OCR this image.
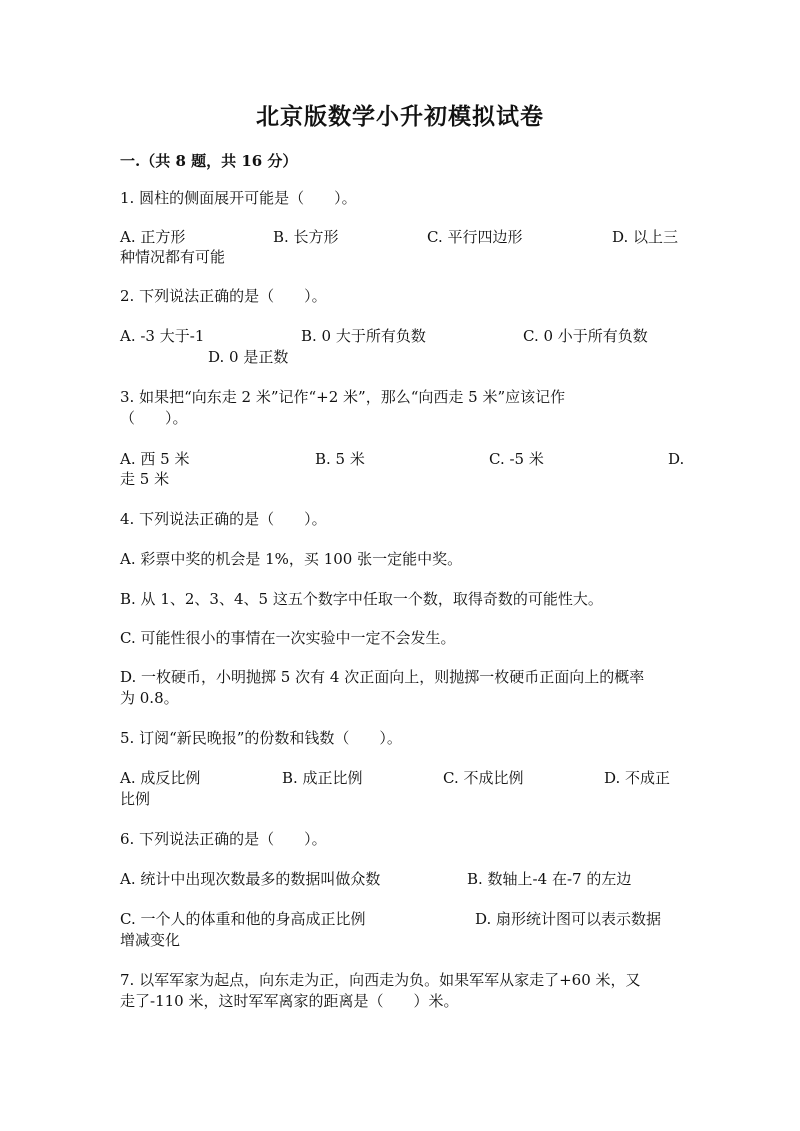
北京版数学小升初模拟试卷
一.（共 8 题，共 16 分）
1. 圆柱的侧面展开可能是（　　）。
A. 正方形	B. 长方形	C. 平行四边形	D. 以上三
种情况都有可能
2. 下列说法正确的是（　　）。
A. -3 大于-1	B. 0 大于所有负数	C. 0 小于所有负数
D. 0 是正数
3. 如果把“向东走 2 米”记作“+2 米”，那么“向西走 5 米”应该记作
（　　）。
A. 西 5 米	B. 5 米	C. -5 米	D.
走 5 米
4. 下列说法正确的是（　　）。
A. 彩票中奖的机会是 1%，买 100 张一定能中奖。
B. 从 1、2、3、4、5 这五个数字中任取一个数，取得奇数的可能性大。
C. 可能性很小的事情在一次实验中一定不会发生。
D. 一枚硬币，小明抛掷 5 次有 4 次正面向上，则抛掷一枚硬币正面向上的概率
为 0.8。
5. 订阅“新民晚报”的份数和钱数（　　）。
A. 成反比例	B. 成正比例	C. 不成比例	D. 不成正
比例
6. 下列说法正确的是（　　）。
A. 统计中出现次数最多的数据叫做众数	B. 数轴上-4 在-7 的左边
C. 一个人的体重和他的身高成正比例	D. 扇形统计图可以表示数据
增减变化
7. 以军军家为起点，向东走为正，向西走为负。如果军军从家走了+60 米，又
走了-110 米，这时军军离家的距离是（　　）米。
